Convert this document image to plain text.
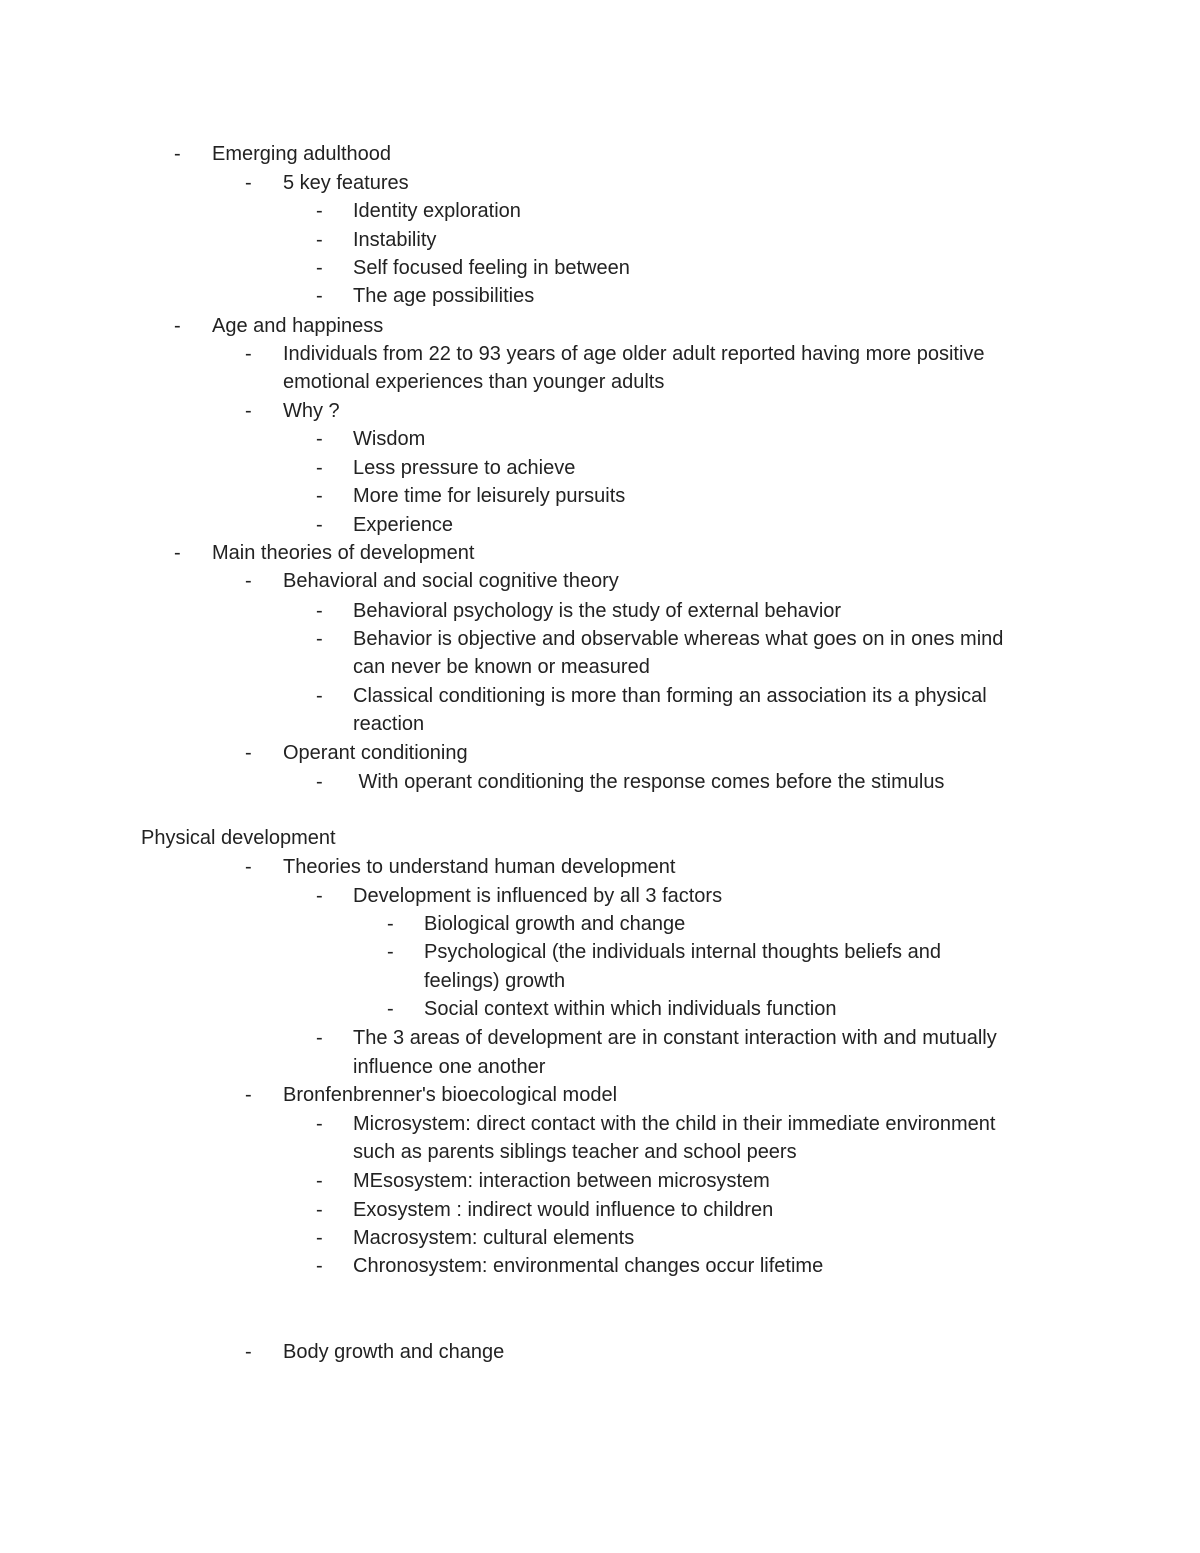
- Emerging adulthood
- 5 key features
- Identity exploration
- Instability
- Self focused feeling in between
- The age possibilities
- Age and happiness
- Individuals from 22 to 93 years of age older adult reported having more positive
emotional experiences than younger adults
- Why ?
- Wisdom
- Less pressure to achieve
- More time for leisurely pursuits
- Experience
- Main theories of development
- Behavioral and social cognitive theory
- Behavioral psychology is the study of external behavior
- Behavior is objective and observable whereas what goes on in ones mind
can never be known or measured
- Classical conditioning is more than forming an association its a physical
reaction
- Operant conditioning
- With operant conditioning the response comes before the stimulus
Physical development
- Theories to understand human development
- Development is influenced by all 3 factors
- Biological growth and change
- Psychological (the individuals internal thoughts beliefs and
feelings) growth
- Social context within which individuals function
- The 3 areas of development are in constant interaction with and mutually
influence one another
- Bronfenbrenner's bioecological model
- Microsystem: direct contact with the child in their immediate environment
such as parents siblings teacher and school peers
- MEsosystem: interaction between microsystem
- Exosystem : indirect would influence to children
- Macrosystem: cultural elements
- Chronosystem: environmental changes occur lifetime
- Body growth and change
